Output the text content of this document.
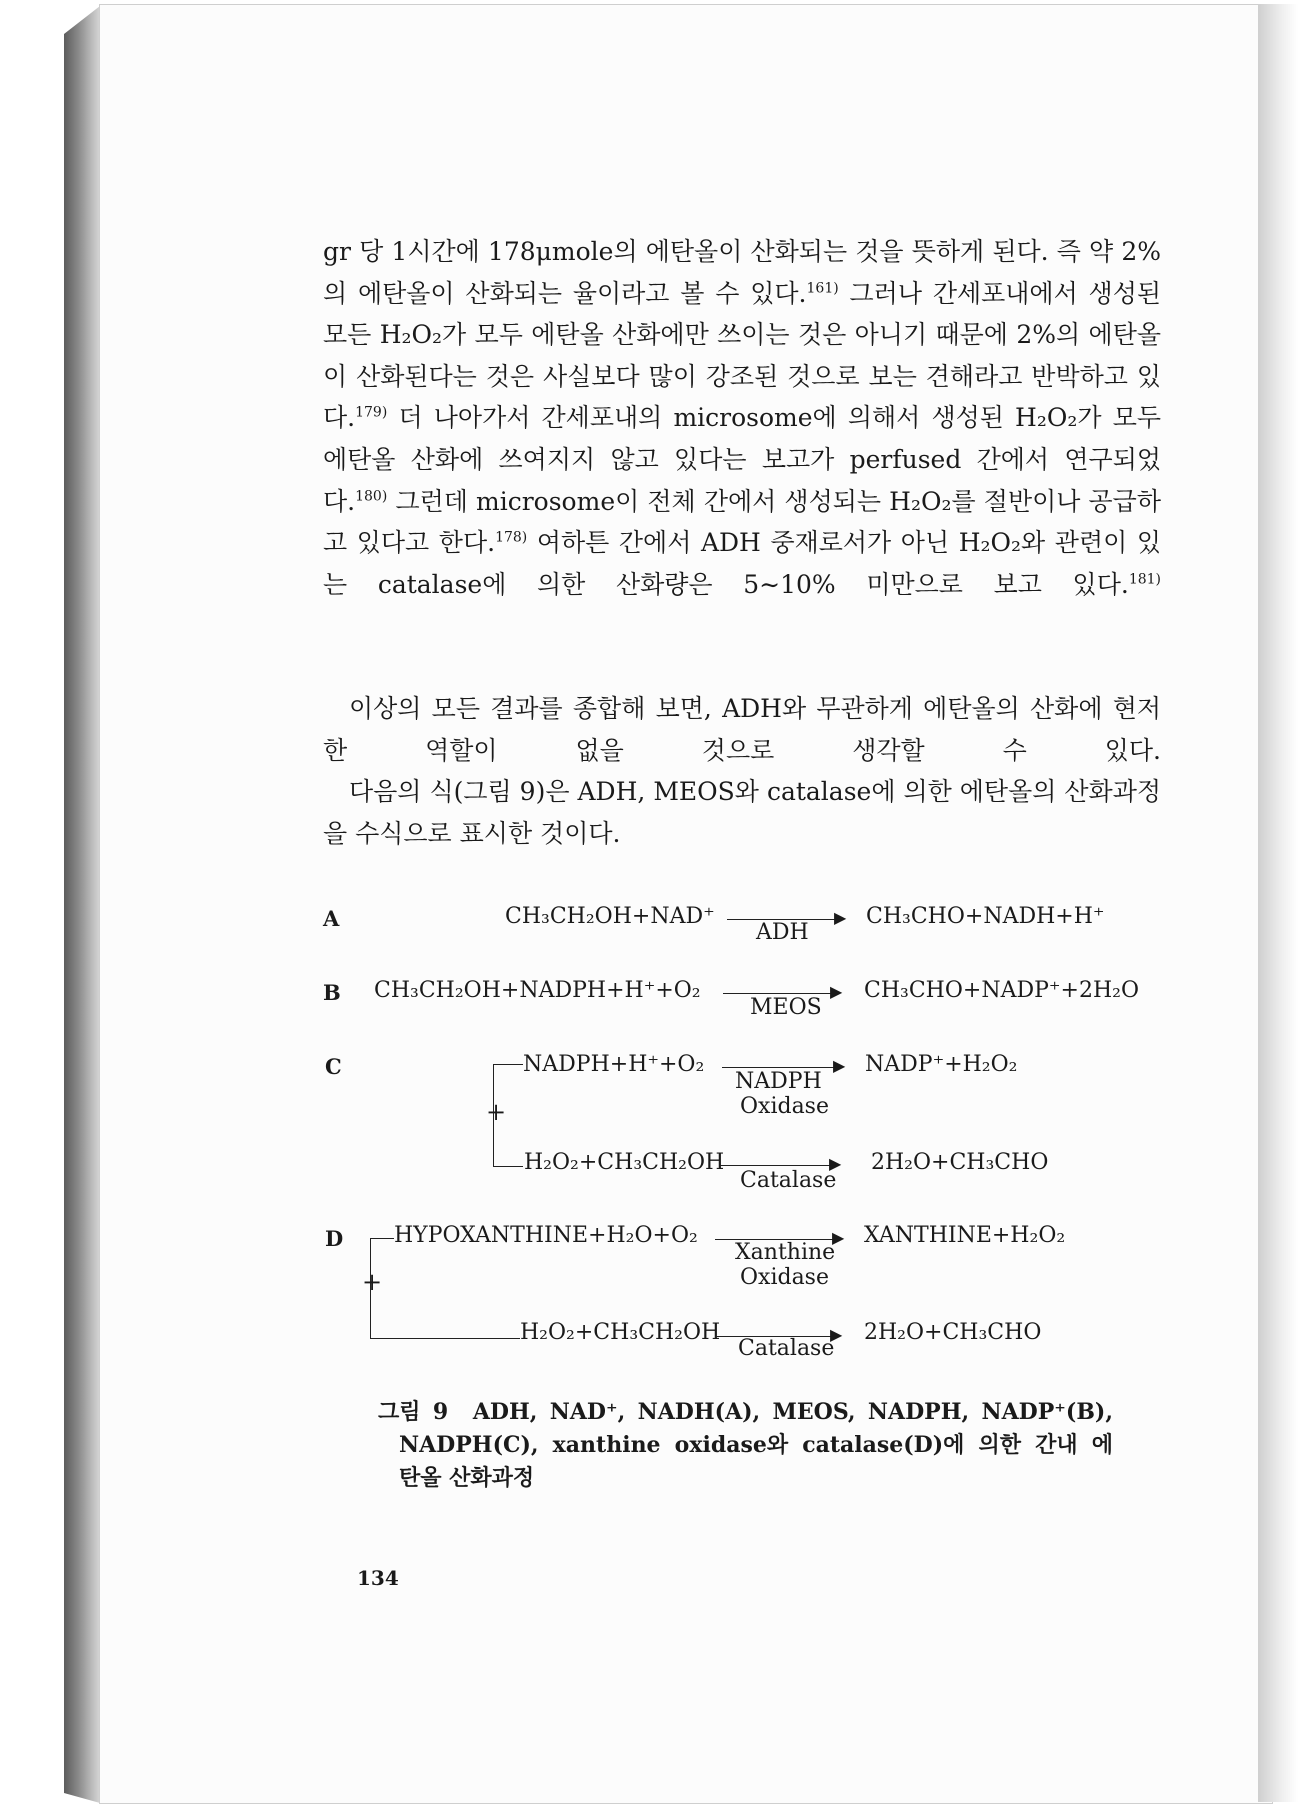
gr 당 1시간에 178μmole의 에탄올이 산화되는 것을 뜻하게 된다. 즉 약 2%의 에탄올이 산화되는 율이라고 볼 수 있다.$^{161)}$ 그러나 간세포내에서 생성된 모든 H₂O₂가 모두 에탄올 산화에만 쓰이는 것은 아니기 때문에 2%의 에탄올이 산화된다는 것은 사실보다 많이 강조된 것으로 보는 견해라고 반박하고 있다.$^{179)}$ 더 나아가서 간세포내의 microsome에 의해서 생성된 H₂O₂가 모두 에탄올 산화에 쓰여지지 않고 있다는 보고가 perfused 간에서 연구되었다.$^{180)}$ 그런데 microsome이 전체 간에서 생성되는 H₂O₂를 절반이나 공급하고 있다고 한다.$^{178)}$ 여하튼 간에서 ADH 중재로서가 아닌 H₂O₂와 관련이 있는 catalase에 의한 산화량은 5∼10% 미만으로 보고 있다.$^{181)}$
이상의 모든 결과를 종합해 보면, ADH와 무관하게 에탄올의 산화에 현저한 역할이 없을 것으로 생각할 수 있다.
다음의 식(그림 9)은 ADH, MEOS와 catalase에 의한 에탄올의 산화과정을 수식으로 표시한 것이다.
A	CH₃CH₂OH+NAD⁺	▶
ADH
CH₃CHO+NADH+H⁺
B CH₃CH₂OH+NADPH+H⁺+O₂	▶
MEOS
CH₃CHO+NADP⁺+2H₂O
C
+
NADPH+H⁺+O₂	▶
NADPH
Oxidase
NADP⁺+H₂O₂
H₂O₂+CH₃CH₂OH	▶
Catalase
2H₂O+CH₃CHO
D
+
HYPOXANTHINE+H₂O+O₂	▶
Xanthine
Oxidase
XANTHINE+H₂O₂
H₂O₂+CH₃CH₂OH	▶
Catalase
2H₂O+CH₃CHO
그림 9 ADH, NAD⁺, NADH(A), MEOS, NADPH, NADP⁺(B),
NADPH(C), xanthine oxidase와 catalase(D)에 의한 간내 에
탄올 산화과정
134
